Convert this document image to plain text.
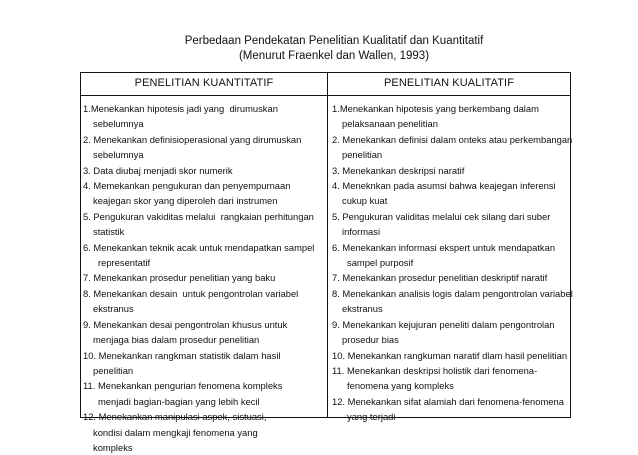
Perbedaan Pendekatan Penelitian Kualitatif dan Kuantitatif
(Menurut Fraenkel dan Wallen, 1993)
PENELITIAN KUANTITATIF	PENELITIAN KUALITATIF
1.Menekankan hipotesis jadi yang  dirumuskan
sebelumnya
2. Menekankan definisioperasional yang dirumuskan
sebelumnya
3. Data diubaj menjadi skor numerik
4. Memekankan pengukuran dan penyempurnaan
keajegan skor yang diperoleh dari instrumen
5. Pengukuran vakiditas melalui  rangkaian perhitungan
statistik
6. Menekankan teknik acak untuk mendapatkan sampel
representatif
7. Menekankan prosedur penelitian yang baku
8. Menekankan desain  untuk pengontrolan variabel
ekstranus
9. Menekankan desai pengontrolan khusus untuk
menjaga bias dalam prosedur penelitian
10. Menekankan rangkman statistik dalam hasil
penelitian
11. Menekankan pengurian fenomena kompleks
menjadi bagian-bagian yang lebih kecil
12. Menekankan manipulasi aspek, sistuasi,
kondisi dalam mengkaji fenomena yang
kompleks
1.Menekankan hipotesis yang berkembang dalam
pelaksanaan penelitian
2. Menekankan definisi dalam onteks atau perkembangan
penelitian
3. Menekankan deskripsi naratif
4. Meneknkan pada asumsi bahwa keajegan inferensi
cukup kuat
5. Pengukuran validitas melalui cek silang dari suber
informasi
6. Menekankan informasi ekspert untuk mendapatkan
sampel purposif
7. Menekankan prosedur penelitian deskriptif naratif
8. Menekankan analisis logis dalam pengontrolan variabel
ekstranus
9. Menekankan kejujuran peneliti dalam pengontrolan
prosedur bias
10. Menekankan rangkuman naratif dlam hasil penelitian
11. Menekankan deskripsi holistik dari fenomena-
fenomena yang kompleks
12. Menekankan sifat alamiah dari fenomena-fenomena
yang terjadi
